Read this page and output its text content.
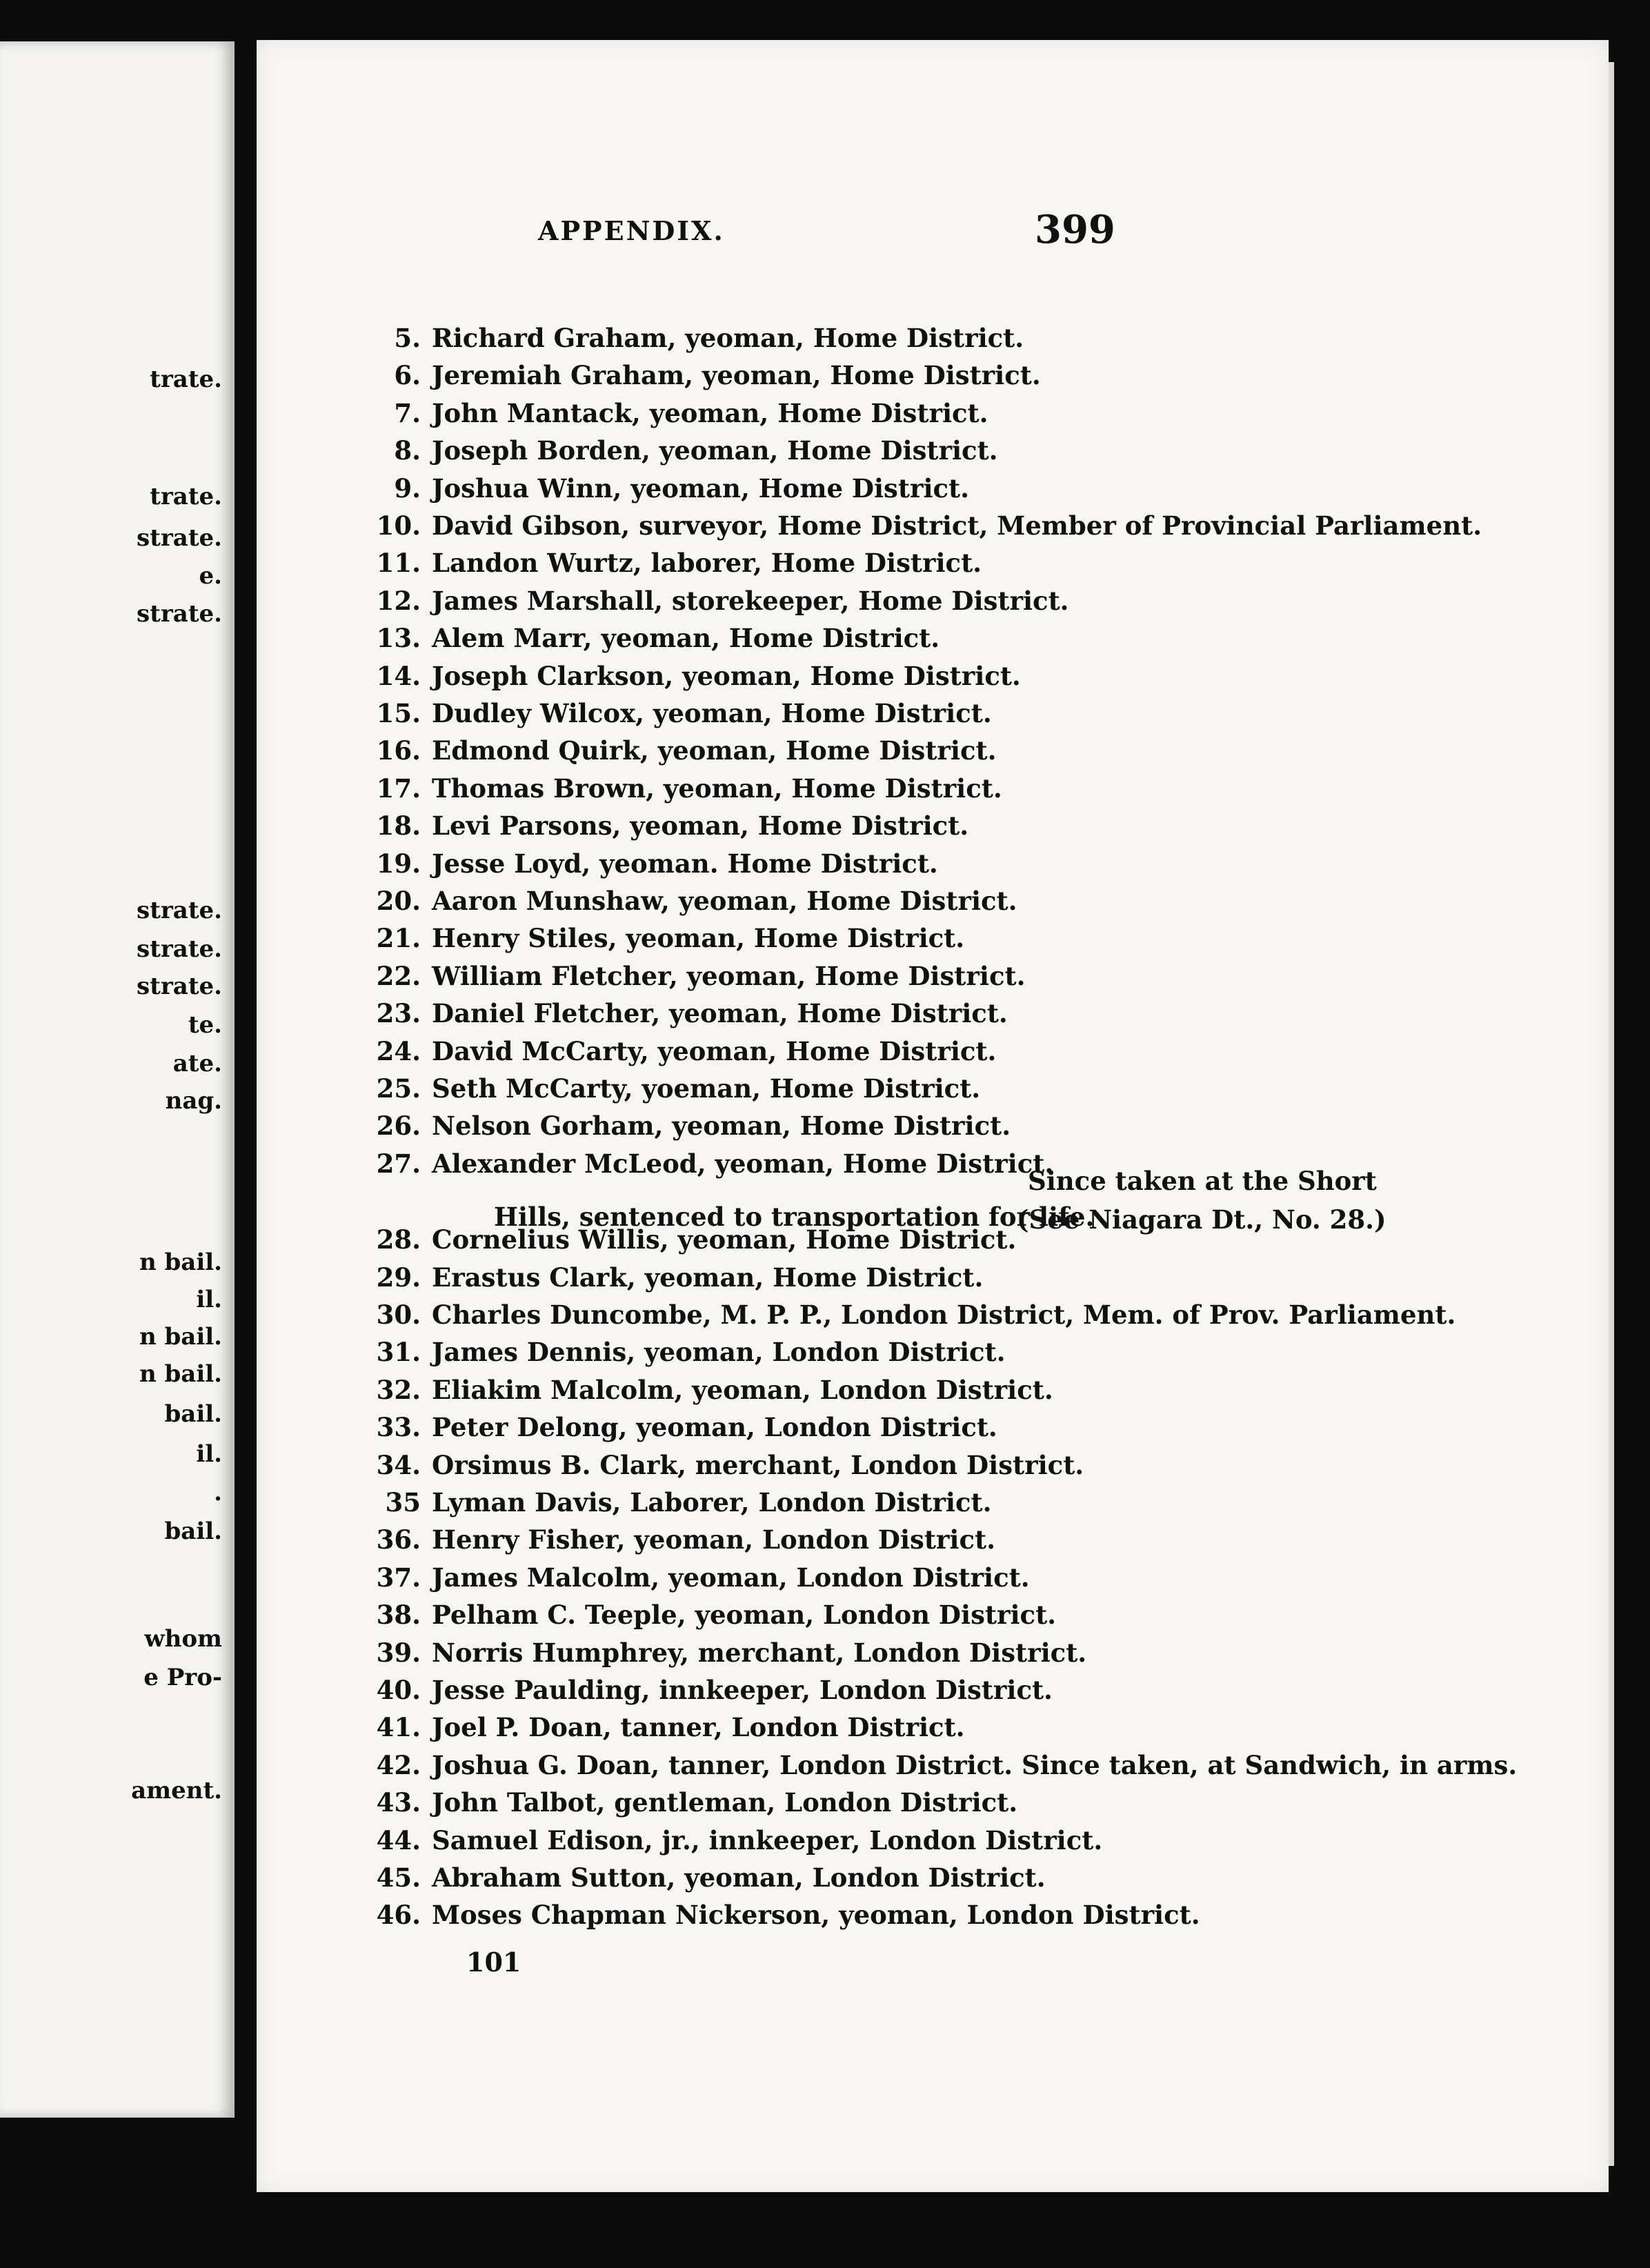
trate.
trate.
strate.
e.
strate.
strate.
strate.
strate.
te.
ate.
nag.
n bail.
il.
n bail.
n bail.
bail.
il.
.
bail.
whom
e Pro-
ament.
APPENDIX.	399
5. Richard Graham, yeoman, Home District.
6. Jeremiah Graham, yeoman, Home District.
7. John Mantack, yeoman, Home District.
8. Joseph Borden, yeoman, Home District.
9. Joshua Winn, yeoman, Home District.
10. David Gibson, surveyor, Home District, Member of Provincial Parliament.
11. Landon Wurtz, laborer, Home District.
12. James Marshall, storekeeper, Home District.
13. Alem Marr, yeoman, Home District.
14. Joseph Clarkson, yeoman, Home District.
15. Dudley Wilcox, yeoman, Home District.
16. Edmond Quirk, yeoman, Home District.
17. Thomas Brown, yeoman, Home District.
18. Levi Parsons, yeoman, Home District.
19. Jesse Loyd, yeoman. Home District.
20. Aaron Munshaw, yeoman, Home District.
21. Henry Stiles, yeoman, Home District.
22. William Fletcher, yeoman, Home District.
23. Daniel Fletcher, yeoman, Home District.
24. David McCarty, yeoman, Home District.
25. Seth McCarty, yoeman, Home District.
26. Nelson Gorham, yeoman, Home District.
27. Alexander McLeod, yeoman, Home District.
28. Cornelius Willis, yeoman, Home District.
29. Erastus Clark, yeoman, Home District.
30. Charles Duncombe, M. P. P., London District, Mem. of Prov. Parliament.
31. James Dennis, yeoman, London District.
32. Eliakim Malcolm, yeoman, London District.
33. Peter Delong, yeoman, London District.
34. Orsimus B. Clark, merchant, London District.
35 Lyman Davis, Laborer, London District.
36. Henry Fisher, yeoman, London District.
37. James Malcolm, yeoman, London District.
38. Pelham C. Teeple, yeoman, London District.
39. Norris Humphrey, merchant, London District.
40. Jesse Paulding, innkeeper, London District.
41. Joel P. Doan, tanner, London District.
42. Joshua G. Doan, tanner, London District. Since taken, at Sandwich, in arms.
43. John Talbot, gentleman, London District.
44. Samuel Edison, jr., innkeeper, London District.
45. Abraham Sutton, yeoman, London District.
46. Moses Chapman Nickerson, yeoman, London District.
Since taken at the Short
Hills, sentenced to transportation for life.
(See Niagara Dt., No. 28.)
101
